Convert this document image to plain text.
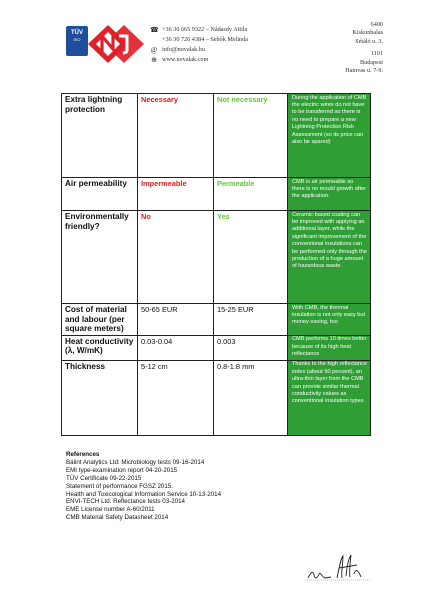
TÜV
ISO
☎ +36 30 665 9322 – Nádasdy Attila
+36 30 726 4384 – Sebők Melinda
@ info@novalak.hu
⊕ www.novalak.com
6400
Kiskunhalas
Sétáló u. 3.
1101
Budapest
Hamvas u. 7-9.
Extra lightning protection	Necessary	Not necessary	During the application of CMB the electric wires do not have to be transferred so there is no need to prepare a new Lightning Protection Risk Assessment (so its price can also be spared)
Air permeability	Impermeable	Permeable	CMB is air permeable so there is no mould growth after the application.
Environmentally friendly?	No	Yes	Ceramic-based coating can be improved with applying an additional layer, while the significant improvement of the conventional insulations can be performed only through the production of a huge amount of hazardous waste.
Cost of material and labour (per square meters)	50-65 EUR	15-25 EUR	With CMB, the thermal insulation is not only easy but money-saving, too
Heat conductivity (λ, W/mK)	0.03-0.04	0.003	CMB performs 10 times better because of its high heat reflectance
Thickness	5-12 cm	0.8-1.8 mm	Thanks to the high reflectance index (about 90 percent), an ultra-thin layer from the CMB can provide similar thermal conductivity values as conventional insulation types
References
Bálint Analytics Ltd: Microbiology tests 09-16-2014
EMI type-examination report 04-20-2015
TÜV Certificate 09-22-2015
Statement of performance FGSZ 2015.
Health and Toxicological Information Service 10-13-2014
ENVI-TECH Ltd. Reflectance tests 03-2014
EME License number A-60/2011
CMB Material Safety Datasheet 2014
